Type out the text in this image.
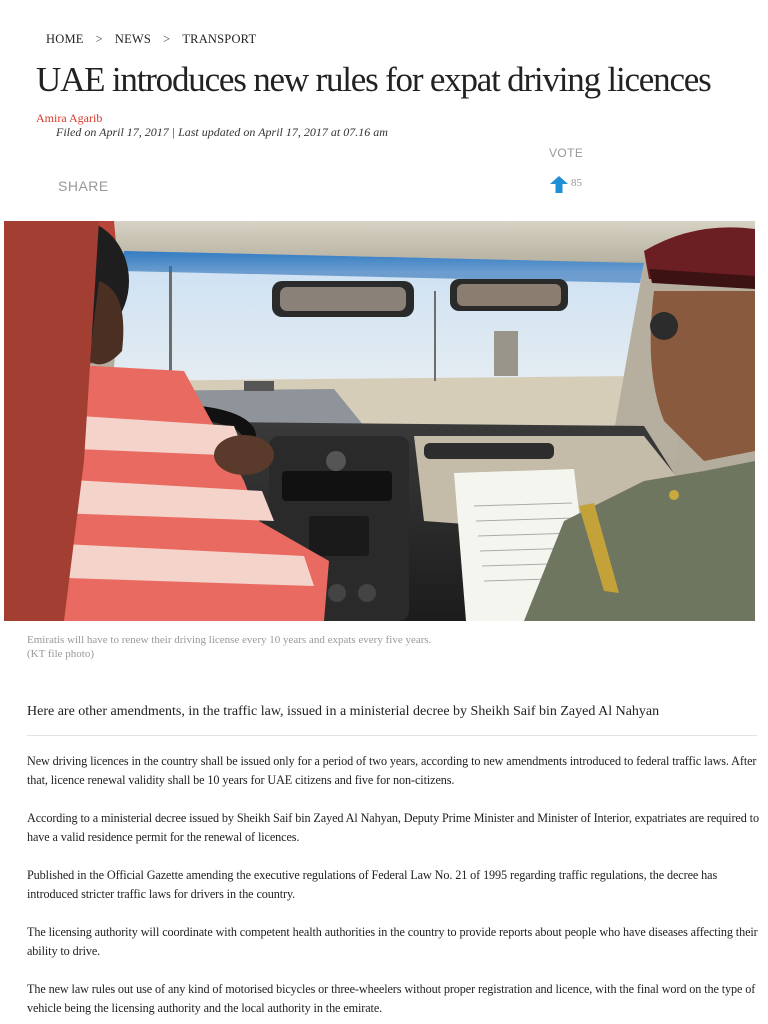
HOME > NEWS > TRANSPORT
UAE introduces new rules for expat driving licences
Amira Agarib
Filed on April 17, 2017 | Last updated on April 17, 2017 at 07.16 am
VOTE
85
SHARE
Emiratis will have to renew their driving license every 10 years and expats every five years.
(KT file photo)
Here are other amendments, in the traffic law, issued in a ministerial decree by Sheikh Saif bin Zayed Al Nahyan

New driving licences in the country shall be issued only for a period of two years, according to new amendments introduced to federal traffic laws. After that, licence renewal validity shall be 10 years for UAE citizens and five for non-citizens.

According to a ministerial decree issued by Sheikh Saif bin Zayed Al Nahyan, Deputy Prime Minister and Minister of Interior, expatriates are required to have a valid residence permit for the renewal of licences.

Published in the Official Gazette amending the executive regulations of Federal Law No. 21 of 1995 regarding traffic regulations, the decree has introduced stricter traffic laws for drivers in the country.

The licensing authority will coordinate with competent health authorities in the country to provide reports about people who have diseases affecting their ability to drive.

The new law rules out use of any kind of motorised bicycles or three-wheelers without proper registration and licence, with the final word on the type of vehicle being the licensing authority and the local authority in the emirate.
